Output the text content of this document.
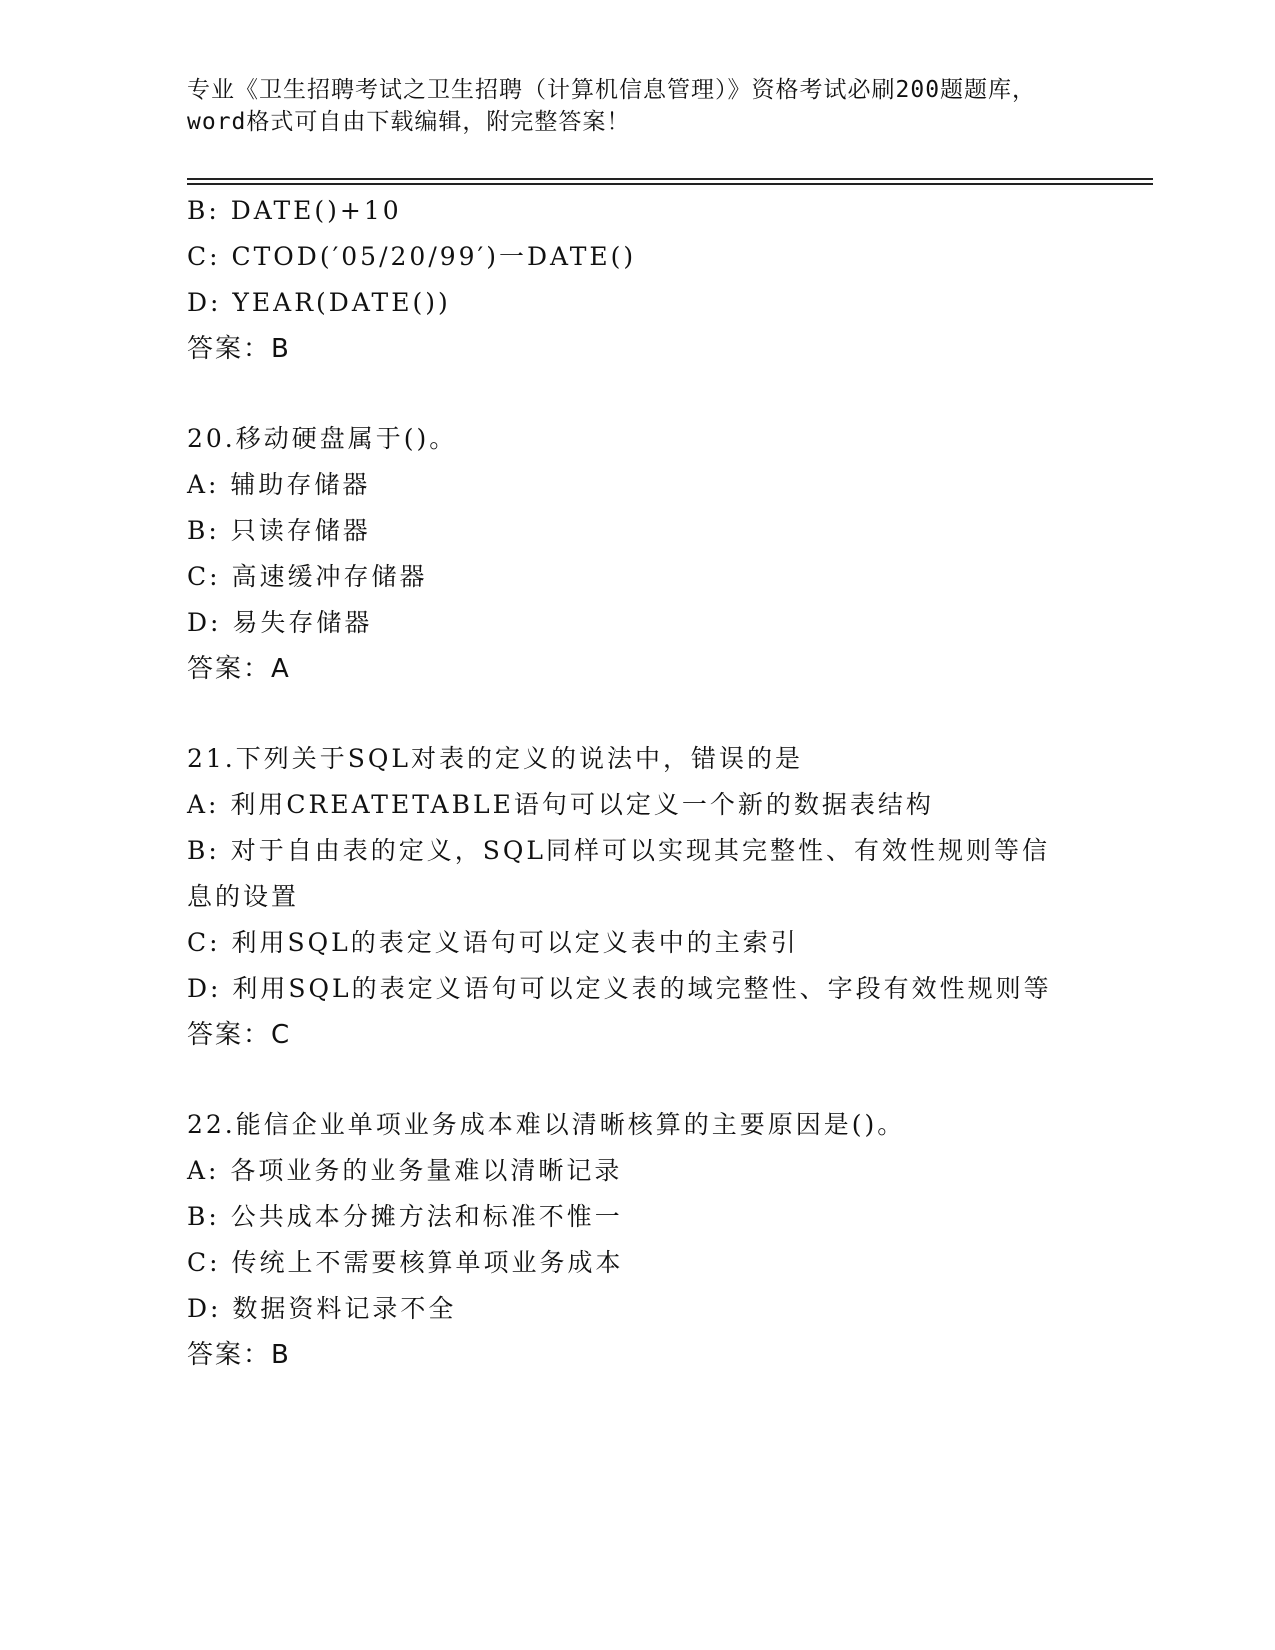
专业《卫生招聘考试之卫生招聘（计算机信息管理）》资格考试必刷200题题库，
word格式可自由下载编辑，附完整答案！
B: DATE()+10
C: CTOD(′05/20/99′)一DATE()
D: YEAR(DATE())
答案：B
20.移动硬盘属于()。
A: 辅助存储器
B: 只读存储器
C: 高速缓冲存储器
D: 易失存储器
答案：A
21.下列关于SQL对表的定义的说法中，错误的是
A: 利用CREATETABLE语句可以定义一个新的数据表结构
B: 对于自由表的定义，SQL同样可以实现其完整性、有效性规则等信
息的设置
C: 利用SQL的表定义语句可以定义表中的主索引
D: 利用SQL的表定义语句可以定义表的域完整性、字段有效性规则等
答案：C
22.能信企业单项业务成本难以清晰核算的主要原因是()。
A: 各项业务的业务量难以清晰记录
B: 公共成本分摊方法和标准不惟一
C: 传统上不需要核算单项业务成本
D: 数据资料记录不全
答案：B
